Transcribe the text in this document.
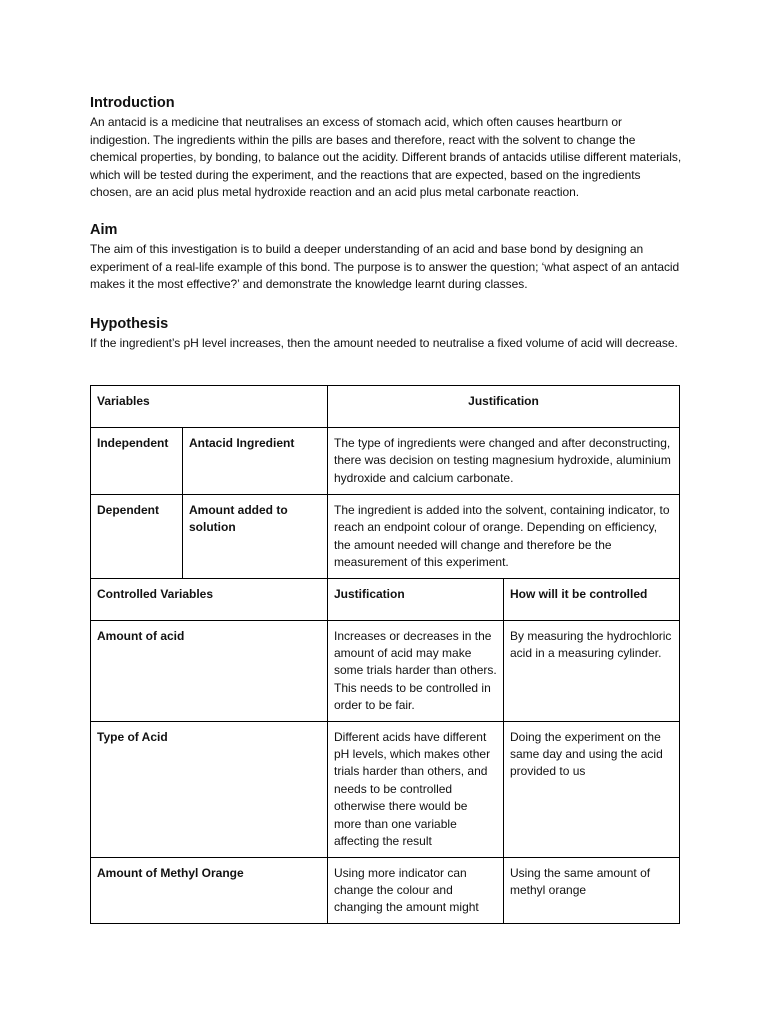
Introduction

An antacid is a medicine that neutralises an excess of stomach acid, which often causes heartburn or indigestion. The ingredients within the pills are bases and therefore, react with the solvent to change the chemical properties, by bonding, to balance out the acidity. Different brands of antacids utilise different materials, which will be tested during the experiment, and the reactions that are expected, based on the ingredients chosen, are an acid plus metal hydroxide reaction and an acid plus metal carbonate reaction.

Aim

The aim of this investigation is to build a deeper understanding of an acid and base bond by designing an experiment of a real-life example of this bond. The purpose is to answer the question; ‘what aspect of an antacid makes it the most effective?’ and demonstrate the knowledge learnt during classes.

Hypothesis

If the ingredient’s pH level increases, then the amount needed to neutralise a fixed volume of acid will decrease.

Variables		Justification	
Independent	Antacid Ingredient	The type of ingredients were changed and after deconstructing, there was decision on testing magnesium hydroxide, aluminium hydroxide and calcium carbonate.	
Dependent	Amount added to solution	The ingredient is added into the solvent, containing indicator, to reach an endpoint colour of orange. Depending on efficiency, the amount needed will change and therefore be the measurement of this experiment.	
Controlled Variables		Justification	How will it be controlled
Amount of acid		Increases or decreases in the amount of acid may make some trials harder than others. This needs to be controlled in order to be fair.	By measuring the hydrochloric acid in a measuring cylinder.
Type of Acid		Different acids have different pH levels, which makes other trials harder than others, and needs to be controlled otherwise there would be more than one variable affecting the result	Doing the experiment on the same day and using the acid provided to us
Amount of Methyl Orange		Using more indicator can change the colour and changing the amount might	Using the same amount of methyl orange
